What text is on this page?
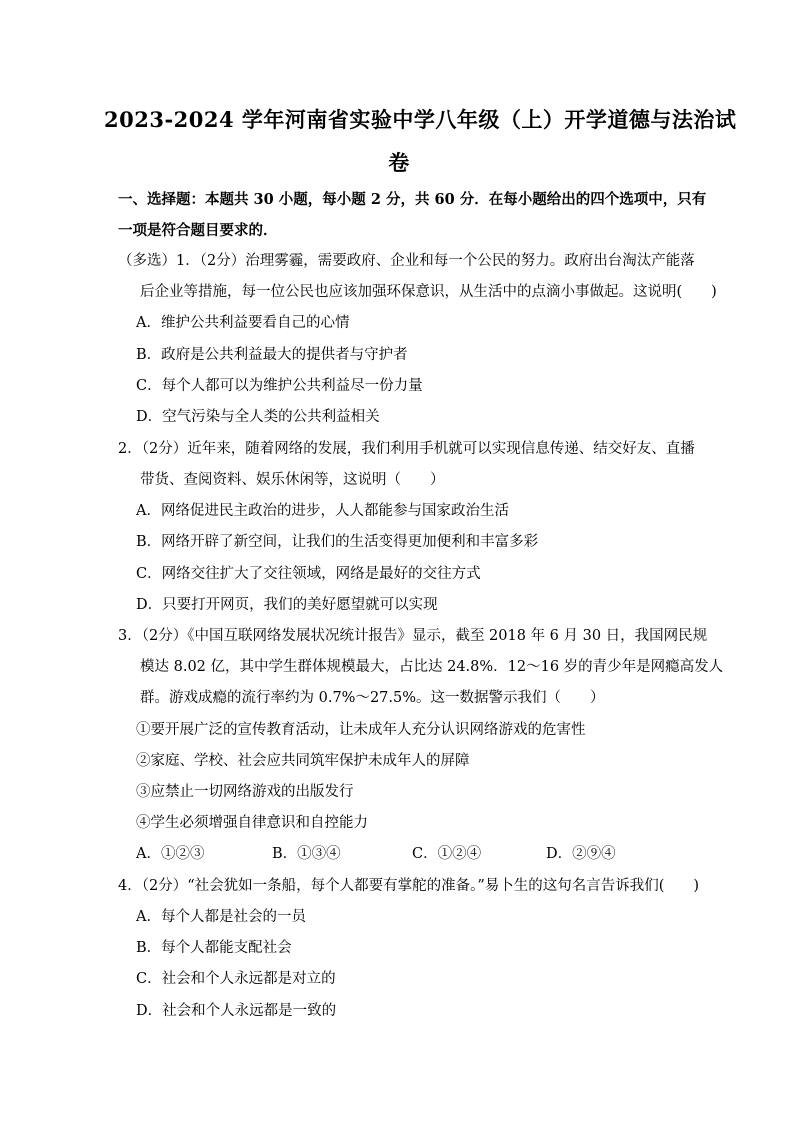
2023-2024 学年河南省实验中学八年级（上）开学道德与法治试
卷
一、选择题：本题共 30 小题，每小题 2 分，共 60 分．在每小题给出的四个选项中，只有
一项是符合题目要求的．
（多选）1．（2分）治理雾霾，需要政府、企业和每一个公民的努力。政府出台淘汰产能落
后企业等措施，每一位公民也应该加强环保意识，从生活中的点滴小事做起。这说明(　　)
A．维护公共利益要看自己的心情
B．政府是公共利益最大的提供者与守护者
C．每个人都可以为维护公共利益尽一份力量
D．空气污染与全人类的公共利益相关
2．（2分）近年来，随着网络的发展，我们利用手机就可以实现信息传递、结交好友、直播
带货、查阅资料、娱乐休闲等，这说明（　　）
A．网络促进民主政治的进步，人人都能参与国家政治生活
B．网络开辟了新空间，让我们的生活变得更加便利和丰富多彩
C．网络交往扩大了交往领域，网络是最好的交往方式
D．只要打开网页，我们的美好愿望就可以实现
3．（2分）《中国互联网络发展状况统计报告》显示，截至 2018 年 6 月 30 日，我国网民规
模达 8.02 亿，其中学生群体规模最大，占比达 24.8%．12～16 岁的青少年是网瘾高发人
群。游戏成瘾的流行率约为 0.7%～27.5%。这一数据警示我们（　　）
①要开展广泛的宣传教育活动，让未成年人充分认识网络游戏的危害性
②家庭、学校、社会应共同筑牢保护未成年人的屏障
③应禁止一切网络游戏的出版发行
④学生必须增强自律意识和自控能力
A．①②③	B．①③④	C．①②④	D．②⑨④
4．（2分）“社会犹如一条船，每个人都要有掌舵的准备。”易卜生的这句名言告诉我们(　　)
A．每个人都是社会的一员
B．每个人都能支配社会
C．社会和个人永远都是对立的
D．社会和个人永远都是一致的
